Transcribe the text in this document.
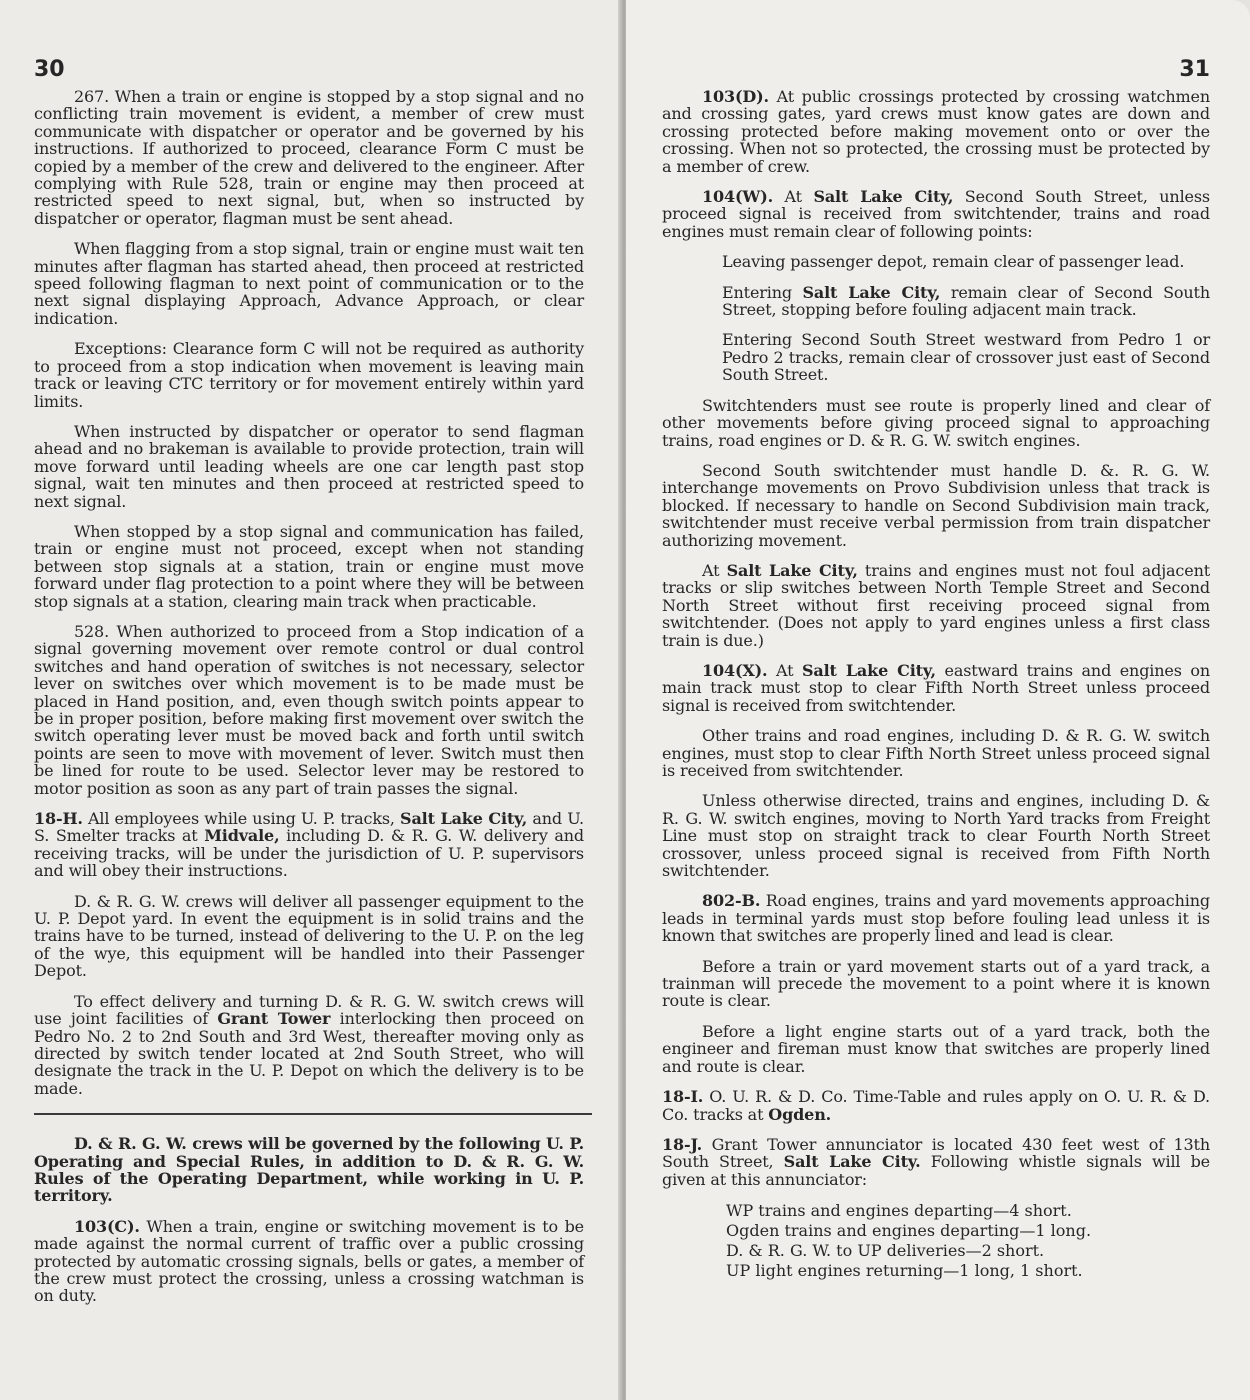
30

267. When a train or engine is stopped by a stop signal and no conflicting train movement is evident, a member of crew must communicate with dispatcher or operator and be governed by his instructions. If authorized to proceed, clearance Form C must be copied by a member of the crew and delivered to the engineer. After complying with Rule 528, train or engine may then proceed at restricted speed to next signal, but, when so instructed by dispatcher or operator, flagman must be sent ahead.

When flagging from a stop signal, train or engine must wait ten minutes after flagman has started ahead, then proceed at restricted speed following flagman to next point of communication or to the next signal displaying Approach, Advance Approach, or clear indication.

Exceptions: Clearance form C will not be required as authority to proceed from a stop indication when movement is leaving main track or leaving CTC territory or for movement entirely within yard limits.

When instructed by dispatcher or operator to send flagman ahead and no brakeman is available to provide protection, train will move forward until leading wheels are one car length past stop signal, wait ten minutes and then proceed at restricted speed to next signal.

When stopped by a stop signal and communication has failed, train or engine must not proceed, except when not standing between stop signals at a station, train or engine must move forward under flag protection to a point where they will be between stop signals at a station, clearing main track when practicable.

528. When authorized to proceed from a Stop indication of a signal governing movement over remote control or dual control switches and hand operation of switches is not necessary, selector lever on switches over which movement is to be made must be placed in Hand position, and, even though switch points appear to be in proper position, before making first movement over switch the switch operating lever must be moved back and forth until switch points are seen to move with movement of lever. Switch must then be lined for route to be used. Selector lever may be restored to motor position as soon as any part of train passes the signal.

18-H. All employees while using U. P. tracks, Salt Lake City, and U. S. Smelter tracks at Midvale, including D. & R. G. W. delivery and receiving tracks, will be under the jurisdiction of U. P. supervisors and will obey their instructions.

D. & R. G. W. crews will deliver all passenger equipment to the U. P. Depot yard. In event the equipment is in solid trains and the trains have to be turned, instead of delivering to the U. P. on the leg of the wye, this equipment will be handled into their Passenger Depot.

To effect delivery and turning D. & R. G. W. switch crews will use joint facilities of Grant Tower interlocking then proceed on Pedro No. 2 to 2nd South and 3rd West, thereafter moving only as directed by switch tender located at 2nd South Street, who will designate the track in the U. P. Depot on which the delivery is to be made.

D. & R. G. W. crews will be governed by the following U. P. Operating and Special Rules, in addition to D. & R. G. W. Rules of the Operating Department, while working in U. P. territory.

103(C). When a train, engine or switching movement is to be made against the normal current of traffic over a public crossing protected by automatic crossing signals, bells or gates, a member of the crew must protect the crossing, unless a crossing watchman is on duty.

31

103(D). At public crossings protected by crossing watchmen and crossing gates, yard crews must know gates are down and crossing protected before making movement onto or over the crossing. When not so protected, the crossing must be protected by a member of crew.

104(W). At Salt Lake City, Second South Street, unless proceed signal is received from switchtender, trains and road engines must remain clear of following points:

Leaving passenger depot, remain clear of passenger lead.

Entering Salt Lake City, remain clear of Second South Street, stopping before fouling adjacent main track.

Entering Second South Street westward from Pedro 1 or Pedro 2 tracks, remain clear of crossover just east of Second South Street.

Switchtenders must see route is properly lined and clear of other movements before giving proceed signal to approaching trains, road engines or D. & R. G. W. switch engines.

Second South switchtender must handle D. &. R. G. W. interchange movements on Provo Subdivision unless that track is blocked. If necessary to handle on Second Subdivision main track, switchtender must receive verbal permission from train dispatcher authorizing movement.

At Salt Lake City, trains and engines must not foul adjacent tracks or slip switches between North Temple Street and Second North Street without first receiving proceed signal from switchtender. (Does not apply to yard engines unless a first class train is due.)

104(X). At Salt Lake City, eastward trains and engines on main track must stop to clear Fifth North Street unless proceed signal is received from switchtender.

Other trains and road engines, including D. & R. G. W. switch engines, must stop to clear Fifth North Street unless proceed signal is received from switchtender.

Unless otherwise directed, trains and engines, including D. & R. G. W. switch engines, moving to North Yard tracks from Freight Line must stop on straight track to clear Fourth North Street crossover, unless proceed signal is received from Fifth North switchtender.

802-B. Road engines, trains and yard movements approaching leads in terminal yards must stop before fouling lead unless it is known that switches are properly lined and lead is clear.

Before a train or yard movement starts out of a yard track, a trainman will precede the movement to a point where it is known route is clear.

Before a light engine starts out of a yard track, both the engineer and fireman must know that switches are properly lined and route is clear.

18-I. O. U. R. & D. Co. Time-Table and rules apply on O. U. R. & D. Co. tracks at Ogden.

18-J. Grant Tower annunciator is located 430 feet west of 13th South Street, Salt Lake City. Following whistle signals will be given at this annunciator:

WP trains and engines departing—4 short.
Ogden trains and engines departing—1 long.
D. & R. G. W. to UP deliveries—2 short.
UP light engines returning—1 long, 1 short.
